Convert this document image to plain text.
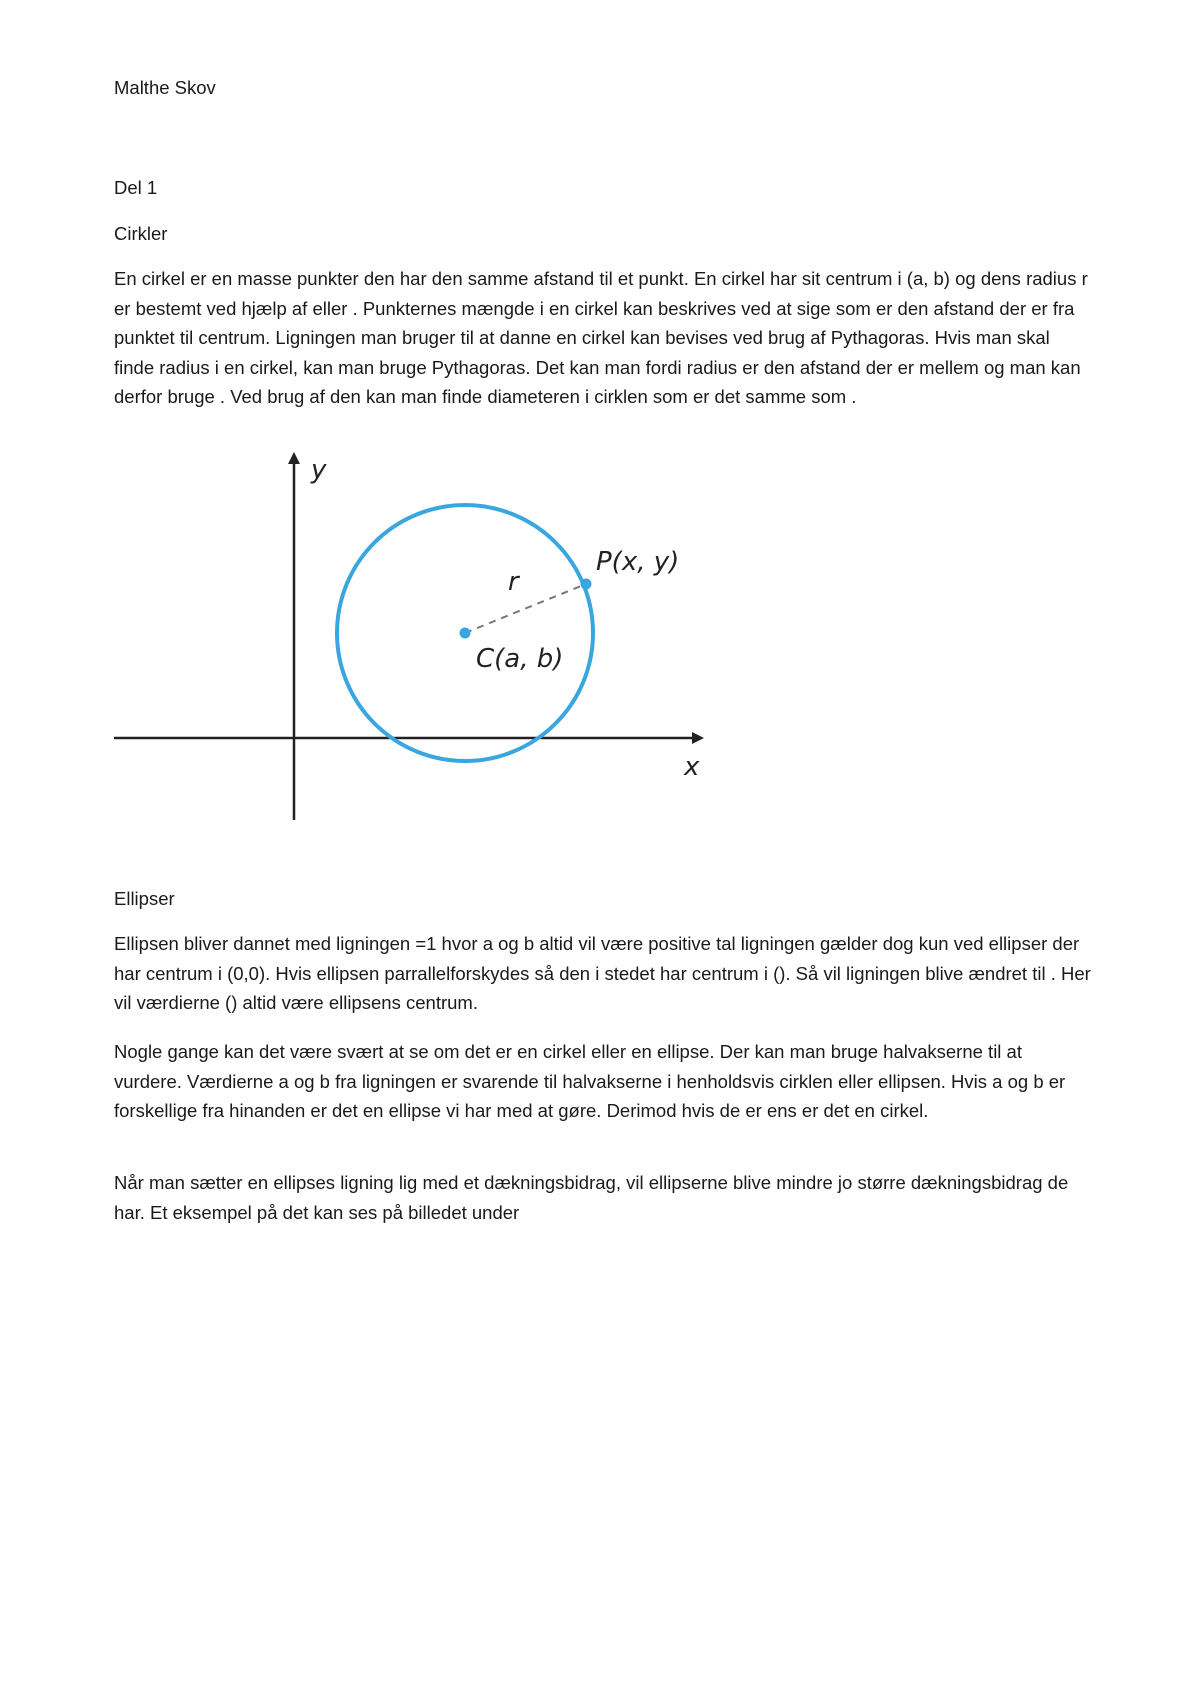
Malthe Skov

Del 1

Cirkler

En cirkel er en masse punkter den har den samme afstand til et punkt. En cirkel har sit centrum i (a, b) og dens radius r er bestemt ved hjælp af eller . Punkternes mængde i en cirkel kan beskrives ved at sige som er den afstand der er fra punktet til centrum. Ligningen man bruger til at danne en cirkel kan bevises ved brug af Pythagoras. Hvis man skal finde radius i en cirkel, kan man bruge Pythagoras. Det kan man fordi radius er den afstand der er mellem og man kan derfor bruge . Ved brug af den kan man finde diameteren i cirklen som er det samme som .

y
x
r
P(x, y)
C(a, b)

Ellipser

Ellipsen bliver dannet med ligningen =1 hvor a og b altid vil være positive tal ligningen gælder dog kun ved ellipser der har centrum i (0,0). Hvis ellipsen parrallelforskydes så den i stedet har centrum i (). Så vil ligningen blive ændret til . Her vil værdierne () altid være ellipsens centrum.

Nogle gange kan det være svært at se om det er en cirkel eller en ellipse. Der kan man bruge halvakserne til at vurdere. Værdierne a og b fra ligningen er svarende til halvakserne i henholdsvis cirklen eller ellipsen. Hvis a og b er forskellige fra hinanden er det en ellipse vi har med at gøre. Derimod hvis de er ens er det en cirkel.

Når man sætter en ellipses ligning lig med et dækningsbidrag, vil ellipserne blive mindre jo større dækningsbidrag de har. Et eksempel på det kan ses på billedet under
